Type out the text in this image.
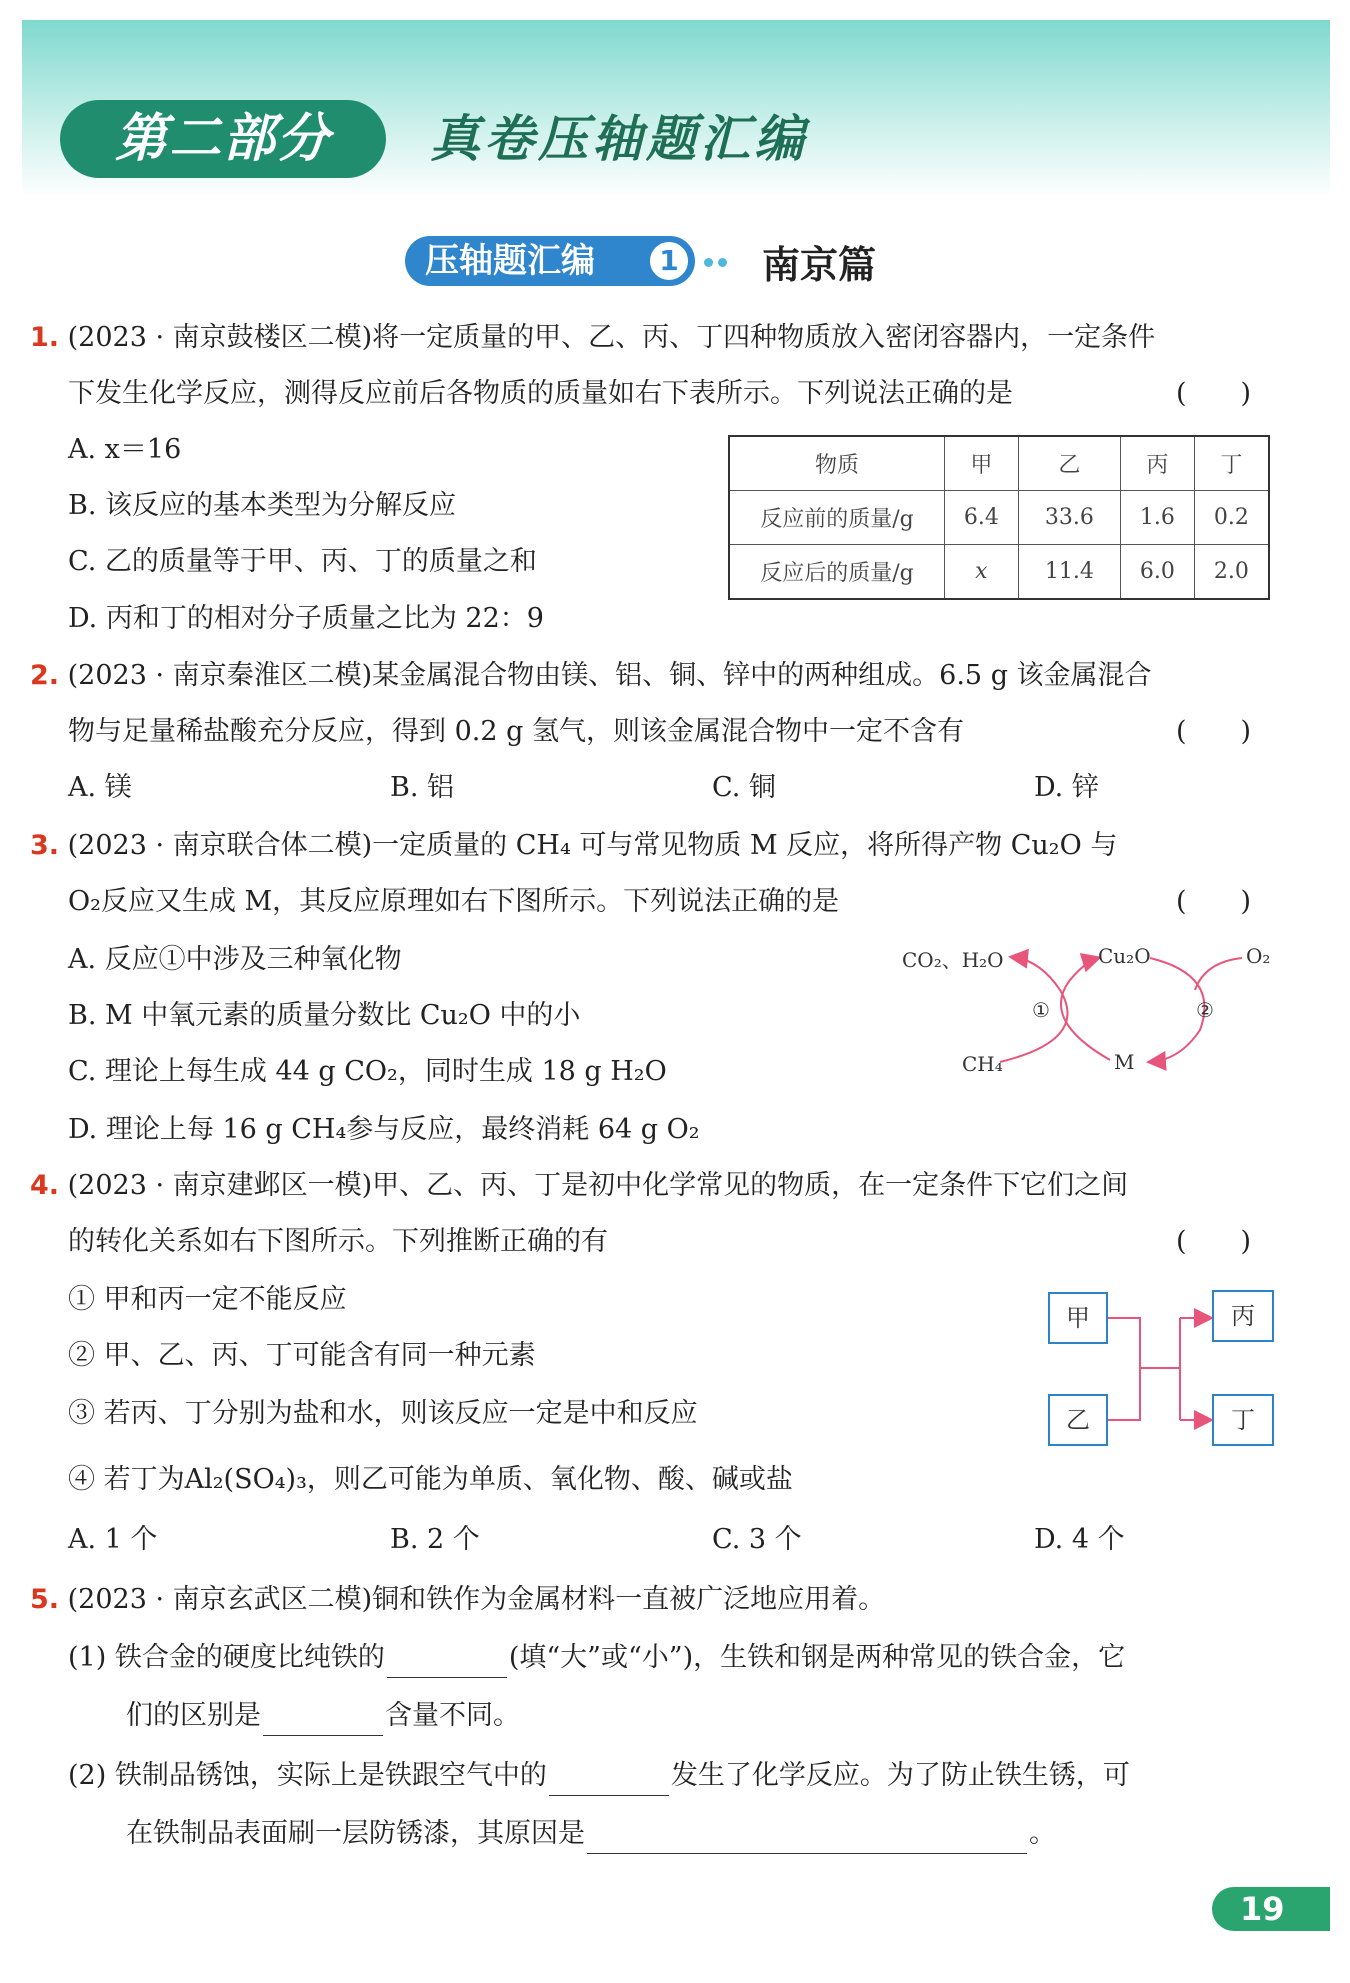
第二部分	真卷压轴题汇编
压轴题汇编	1 南京篇
1. (2023 · 南京鼓楼区二模)将一定质量的甲、乙、丙、丁四种物质放入密闭容器内，一定条件
下发生化学反应，测得反应前后各物质的质量如右下表所示。下列说法正确的是	(　　)
A. x＝16
B. 该反应的基本类型为分解反应
C. 乙的质量等于甲、丙、丁的质量之和
D. 丙和丁的相对分子质量之比为 22：9
物质	甲	乙	丙	丁
反应前的质量/g	6.4	33.6	1.6	0.2
反应后的质量/g	x	11.4	6.0	2.0
2. (2023 · 南京秦淮区二模)某金属混合物由镁、铝、铜、锌中的两种组成。6.5 g 该金属混合
物与足量稀盐酸充分反应，得到 0.2 g 氢气，则该金属混合物中一定不含有	(　　)
A. 镁	B. 铝	C. 铜	D. 锌
3. (2023 · 南京联合体二模)一定质量的 CH₄ 可与常见物质 M 反应，将所得产物 Cu₂O 与
O₂反应又生成 M，其反应原理如右下图所示。下列说法正确的是	(　　)
A. 反应①中涉及三种氧化物
B. M 中氧元素的质量分数比 Cu₂O 中的小
C. 理论上每生成 44 g CO₂，同时生成 18 g H₂O
D. 理论上每 16 g CH₄参与反应，最终消耗 64 g O₂
CO₂、H₂O	Cu₂O	O₂
CH₄	M
①	②
4. (2023 · 南京建邺区一模)甲、乙、丙、丁是初中化学常见的物质，在一定条件下它们之间
的转化关系如右下图所示。下列推断正确的有	(　　)
① 甲和丙一定不能反应
② 甲、乙、丙、丁可能含有同一种元素
③ 若丙、丁分别为盐和水，则该反应一定是中和反应
④ 若丁为Al₂(SO₄)₃，则乙可能为单质、氧化物、酸、碱或盐
A. 1 个	B. 2 个	C. 3 个	D. 4 个
甲
乙
丙
丁
5. (2023 · 南京玄武区二模)铜和铁作为金属材料一直被广泛地应用着。
(1) 铁合金的硬度比纯铁的	(填“大”或“小”)，生铁和钢是两种常见的铁合金，它
们的区别是	含量不同。
(2) 铁制品锈蚀，实际上是铁跟空气中的	发生了化学反应。为了防止铁生锈，可
在铁制品表面刷一层防锈漆，其原因是	。
19
